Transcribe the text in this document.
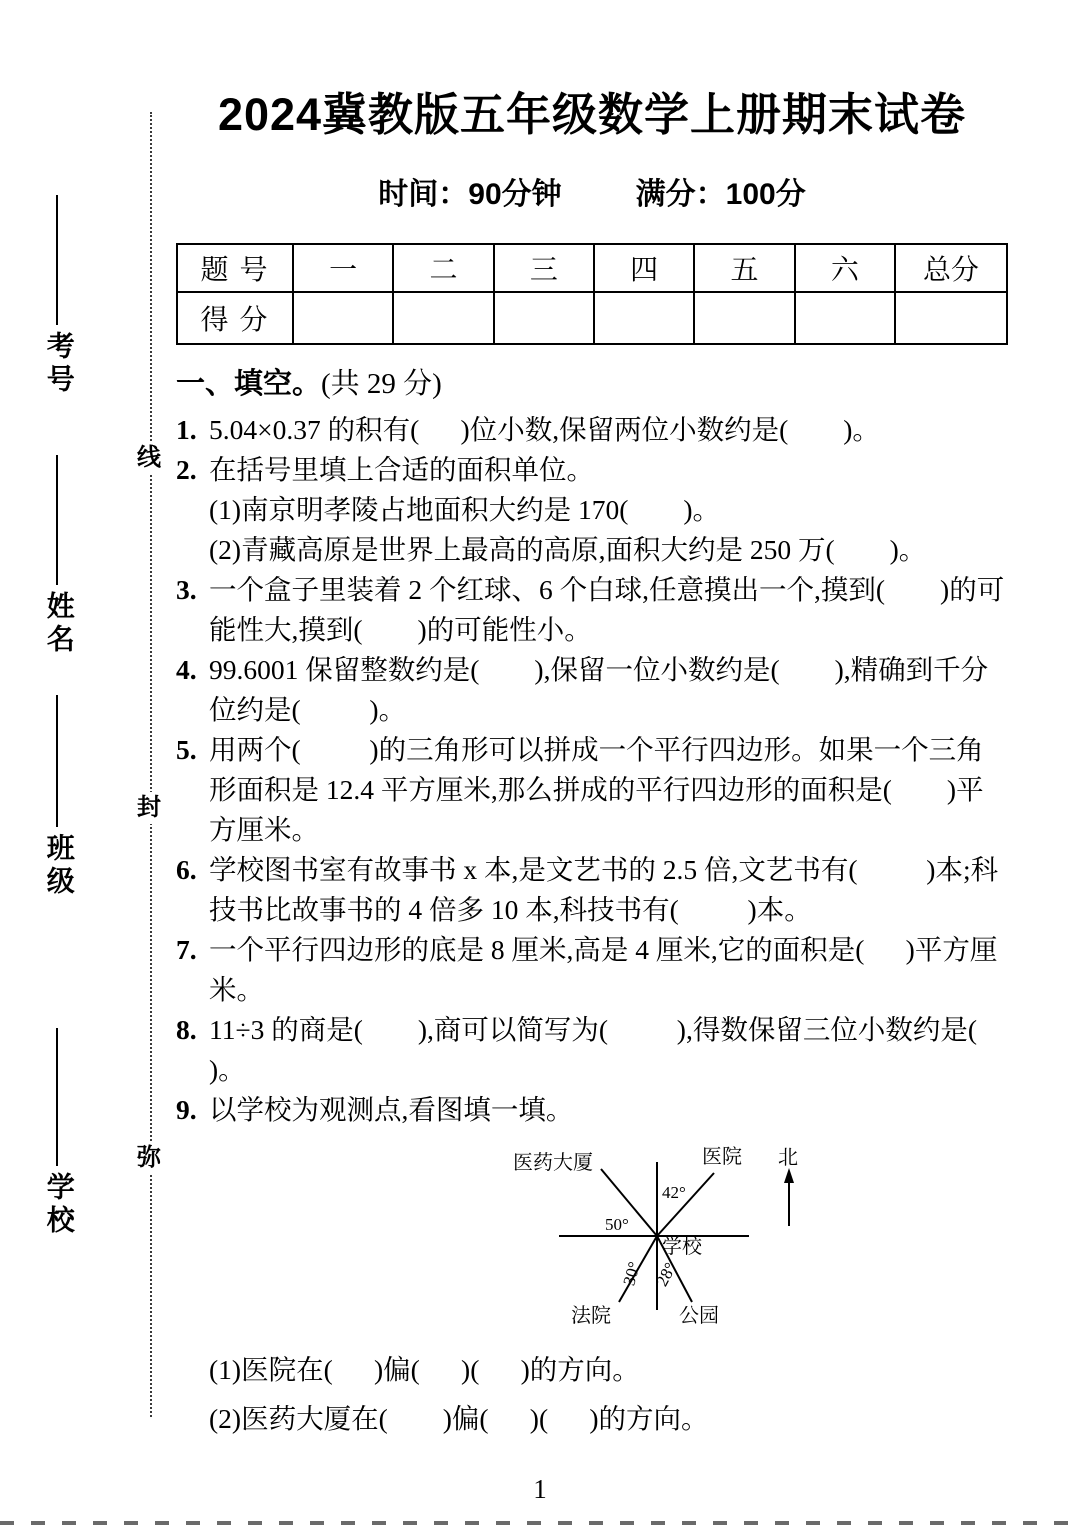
线
封
弥
考号
姓名
班级
学校
2024冀教版五年级数学上册期末试卷
时间：90分钟 满分：100分
题 号	一	二	三	四	五	六	总分
得 分							
一、填空。(共 29 分)
1. 5.04×0.37 的积有(      )位小数,保留两位小数约是(        )。
2. 在括号里填上合适的面积单位。
(1)南京明孝陵占地面积大约是 170(        )。
(2)青藏高原是世界上最高的高原,面积大约是 250 万(        )。
3. 一个盒子里装着 2 个红球、6 个白球,任意摸出一个,摸到(        )的可能性大,摸到(        )的可能性小。
4. 99.6001 保留整数约是(        ),保留一位小数约是(        ),精确到千分位约是(          )。
5. 用两个(          )的三角形可以拼成一个平行四边形。如果一个三角形面积是 12.4 平方厘米,那么拼成的平行四边形的面积是(        )平方厘米。
6. 学校图书室有故事书 x 本,是文艺书的 2.5 倍,文艺书有(          )本;科技书比故事书的 4 倍多 10 本,科技书有(          )本。
7. 一个平行四边形的底是 8 厘米,高是 4 厘米,它的面积是(      )平方厘米。
8. 11÷3 的商是(        ),商可以简写为(          ),得数保留三位小数约是(        )。
9. 以学校为观测点,看图填一填。
医药大厦	医院 北
学校
法院	公园
42°
50°
30° 28°
(1)医院在(      )偏(      )(      )的方向。
(2)医药大厦在(        )偏(      )(      )的方向。
1
